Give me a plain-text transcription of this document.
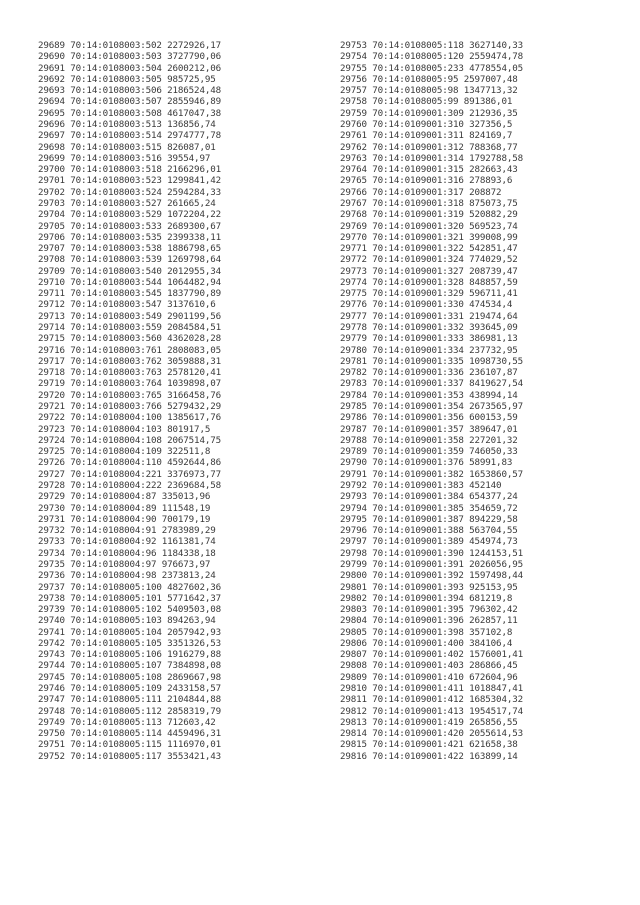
29689 70:14:0108003:502 2272926,17
29690 70:14:0108003:503 3727790,06
29691 70:14:0108003:504 2600212,06
29692 70:14:0108003:505 985725,95
29693 70:14:0108003:506 2186524,48
29694 70:14:0108003:507 2855946,89
29695 70:14:0108003:508 4617047,38
29696 70:14:0108003:513 136856,74
29697 70:14:0108003:514 2974777,78
29698 70:14:0108003:515 826087,01
29699 70:14:0108003:516 39554,97
29700 70:14:0108003:518 2166296,01
29701 70:14:0108003:523 1299841,42
29702 70:14:0108003:524 2594284,33
29703 70:14:0108003:527 261665,24
29704 70:14:0108003:529 1072204,22
29705 70:14:0108003:533 2689300,67
29706 70:14:0108003:535 2399338,11
29707 70:14:0108003:538 1886798,65
29708 70:14:0108003:539 1269798,64
29709 70:14:0108003:540 2012955,34
29710 70:14:0108003:544 1064482,94
29711 70:14:0108003:545 1837790,89
29712 70:14:0108003:547 3137610,6
29713 70:14:0108003:549 2901199,56
29714 70:14:0108003:559 2084584,51
29715 70:14:0108003:560 4362028,28
29716 70:14:0108003:761 2808083,05
29717 70:14:0108003:762 3059888,31
29718 70:14:0108003:763 2578120,41
29719 70:14:0108003:764 1039898,07
29720 70:14:0108003:765 3166458,76
29721 70:14:0108003:766 5279432,29
29722 70:14:0108004:100 1385617,76
29723 70:14:0108004:103 801917,5
29724 70:14:0108004:108 2067514,75
29725 70:14:0108004:109 322511,8
29726 70:14:0108004:110 4592644,86
29727 70:14:0108004:221 3376973,77
29728 70:14:0108004:222 2369684,58
29729 70:14:0108004:87 335013,96
29730 70:14:0108004:89 111548,19
29731 70:14:0108004:90 700179,19
29732 70:14:0108004:91 2783989,29
29733 70:14:0108004:92 1161381,74
29734 70:14:0108004:96 1184338,18
29735 70:14:0108004:97 976673,97
29736 70:14:0108004:98 2373813,24
29737 70:14:0108005:100 4827602,36
29738 70:14:0108005:101 5771642,37
29739 70:14:0108005:102 5409503,08
29740 70:14:0108005:103 894263,94
29741 70:14:0108005:104 2057942,93
29742 70:14:0108005:105 3351326,53
29743 70:14:0108005:106 1916279,88
29744 70:14:0108005:107 7384898,08
29745 70:14:0108005:108 2869667,98
29746 70:14:0108005:109 2433158,57
29747 70:14:0108005:111 2104844,88
29748 70:14:0108005:112 2858319,79
29749 70:14:0108005:113 712603,42
29750 70:14:0108005:114 4459496,31
29751 70:14:0108005:115 1116970,01
29752 70:14:0108005:117 3553421,43
29753 70:14:0108005:118 3627140,33
29754 70:14:0108005:120 2559474,78
29755 70:14:0108005:233 4778554,05
29756 70:14:0108005:95 2597007,48
29757 70:14:0108005:98 1347713,32
29758 70:14:0108005:99 891386,01
29759 70:14:0109001:309 212936,35
29760 70:14:0109001:310 327356,5
29761 70:14:0109001:311 824169,7
29762 70:14:0109001:312 788368,77
29763 70:14:0109001:314 1792788,58
29764 70:14:0109001:315 282663,43
29765 70:14:0109001:316 278893,6
29766 70:14:0109001:317 208872
29767 70:14:0109001:318 875073,75
29768 70:14:0109001:319 520882,29
29769 70:14:0109001:320 569523,74
29770 70:14:0109001:321 399008,99
29771 70:14:0109001:322 542851,47
29772 70:14:0109001:324 774029,52
29773 70:14:0109001:327 208739,47
29774 70:14:0109001:328 848857,59
29775 70:14:0109001:329 596711,41
29776 70:14:0109001:330 474534,4
29777 70:14:0109001:331 219474,64
29778 70:14:0109001:332 393645,09
29779 70:14:0109001:333 386981,13
29780 70:14:0109001:334 237732,95
29781 70:14:0109001:335 1098730,55
29782 70:14:0109001:336 236107,87
29783 70:14:0109001:337 8419627,54
29784 70:14:0109001:353 438994,14
29785 70:14:0109001:354 2673565,97
29786 70:14:0109001:356 600153,59
29787 70:14:0109001:357 389647,01
29788 70:14:0109001:358 227201,32
29789 70:14:0109001:359 746050,33
29790 70:14:0109001:376 58991,83
29791 70:14:0109001:382 1653860,57
29792 70:14:0109001:383 452140
29793 70:14:0109001:384 654377,24
29794 70:14:0109001:385 354659,72
29795 70:14:0109001:387 894229,58
29796 70:14:0109001:388 563704,55
29797 70:14:0109001:389 454974,73
29798 70:14:0109001:390 1244153,51
29799 70:14:0109001:391 2026056,95
29800 70:14:0109001:392 1597498,44
29801 70:14:0109001:393 925153,95
29802 70:14:0109001:394 681219,8
29803 70:14:0109001:395 796302,42
29804 70:14:0109001:396 262857,11
29805 70:14:0109001:398 357102,8
29806 70:14:0109001:400 384106,4
29807 70:14:0109001:402 1576001,41
29808 70:14:0109001:403 286866,45
29809 70:14:0109001:410 672604,96
29810 70:14:0109001:411 1018847,41
29811 70:14:0109001:412 1685304,32
29812 70:14:0109001:413 1954517,74
29813 70:14:0109001:419 265856,55
29814 70:14:0109001:420 2055614,53
29815 70:14:0109001:421 621658,38
29816 70:14:0109001:422 163899,14
